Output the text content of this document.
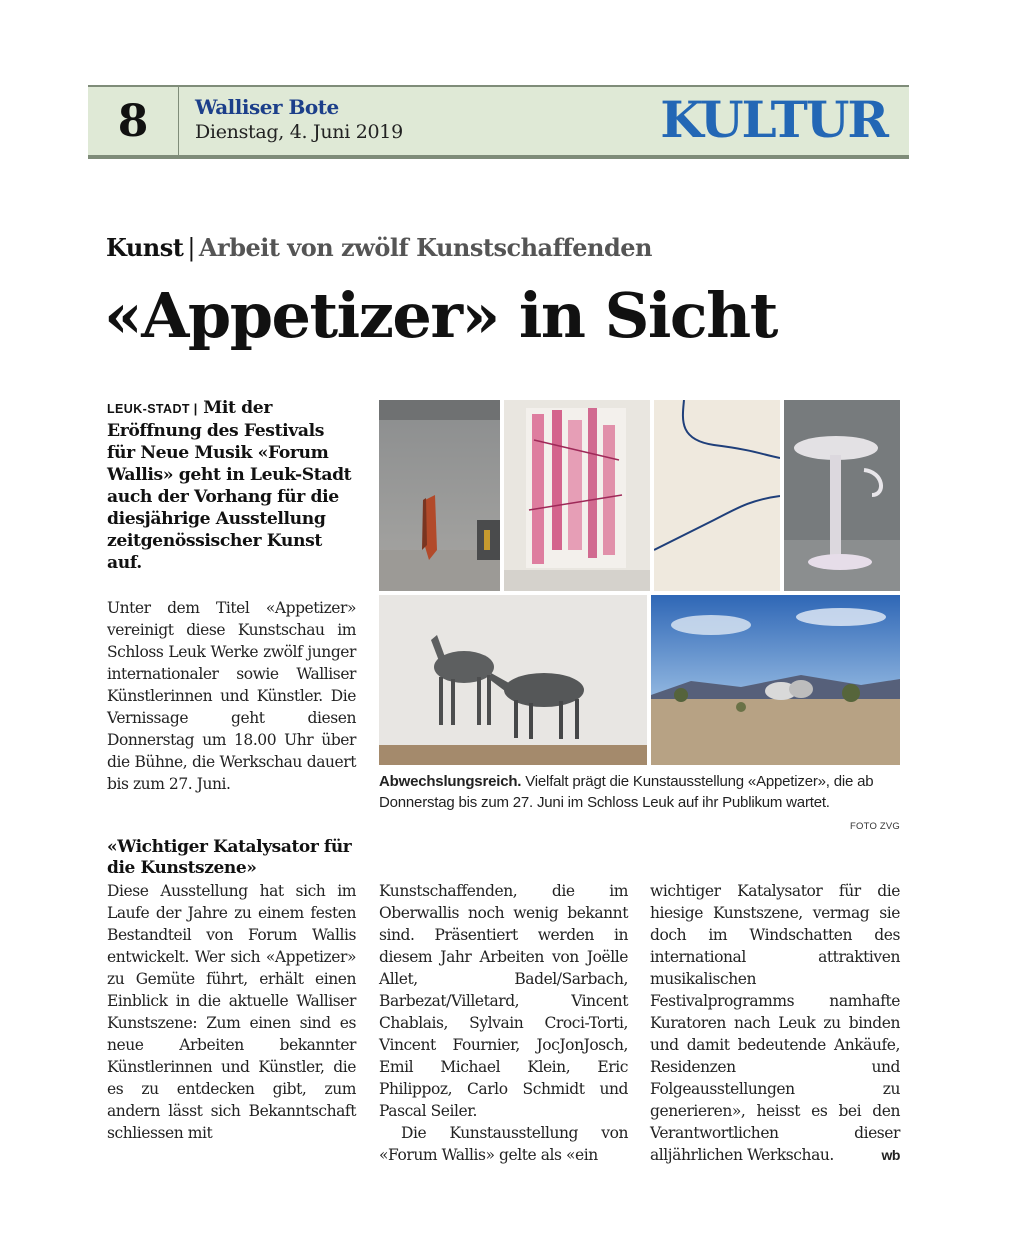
8	Walliser Bote
Dienstag, 4. Juni 2019	KULTUR
Kunst | Arbeit von zwölf Kunstschaffenden
«Appetizer» in Sicht
LEUK-STADT | Mit der Eröffnung des Festivals für Neue Musik «Forum Wallis» geht in Leuk-Stadt auch der Vorhang für die diesjährige Ausstellung zeitgenössischer Kunst auf.

Unter dem Titel «Appetizer» vereinigt diese Kunstschau im Schloss Leuk Werke zwölf junger internationaler sowie Walliser Künstlerinnen und Künstler. Die Vernissage geht diesen Donnerstag um 18.00 Uhr über die Bühne, die Werkschau dauert bis zum 27. Juni.

«Wichtiger Katalysator für die Kunstszene»

Diese Ausstellung hat sich im Laufe der Jahre zu einem festen Bestandteil von Forum Wallis entwickelt. Wer sich «Appetizer» zu Gemüte führt, erhält einen Einblick in die aktuelle Walliser Kunstszene: Zum einen sind es neue Arbeiten bekannter Künstlerinnen und Künstler, die es zu entdecken gibt, zum andern lässt sich Bekanntschaft schliessen mit

Kunstschaffenden, die im Oberwallis noch wenig bekannt sind. Präsentiert werden in diesem Jahr Arbeiten von Joëlle Allet, Badel/Sarbach, Barbezat/Villetard, Vincent Chablais, Sylvain Croci-Torti, Vincent Fournier, JocJonJosch, Emil Michael Klein, Eric Philippoz, Carlo Schmidt und Pascal Seiler.

Die Kunstausstellung von «Forum Wallis» gelte als «ein

wichtiger Katalysator für die hiesige Kunstszene, vermag sie doch im Windschatten des international attraktiven musikalischen Festivalprogramms namhafte Kuratoren nach Leuk zu binden und damit bedeutende Ankäufe, Residenzen und Folgeausstellungen zu generieren», heisst es bei den Verantwortlichen dieser alljährlichen Werkschau.	wb

Abwechslungsreich. Vielfalt prägt die Kunstausstellung «Appetizer», die ab Donnerstag bis zum 27. Juni im Schloss Leuk auf ihr Publikum wartet.
FOTO ZVG
